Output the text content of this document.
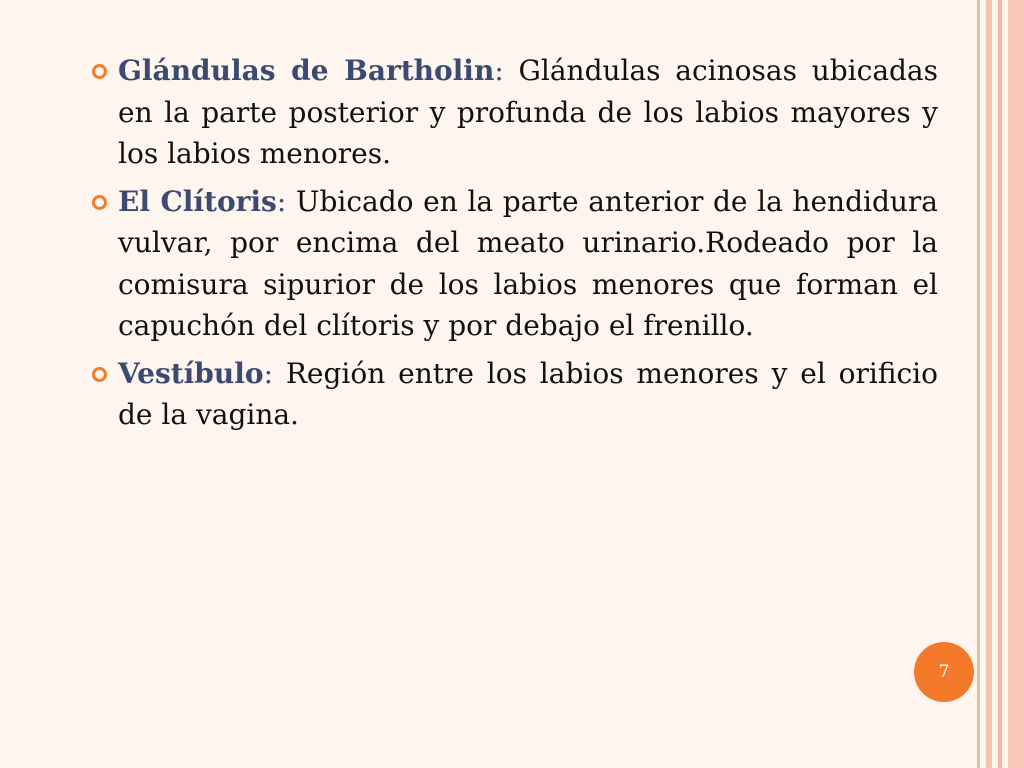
Glándulas de Bartholin: Glándulas acinosas ubicadas en la parte posterior y profunda de los labios mayores y los labios menores.
El Clítoris: Ubicado en la parte anterior de la hendidura vulvar, por encima del meato urinario.Rodeado por la comisura sipurior de los labios menores que forman el capuchón del clítoris y por debajo el frenillo.
Vestíbulo: Región entre los labios menores y el orificio de la vagina.
7
